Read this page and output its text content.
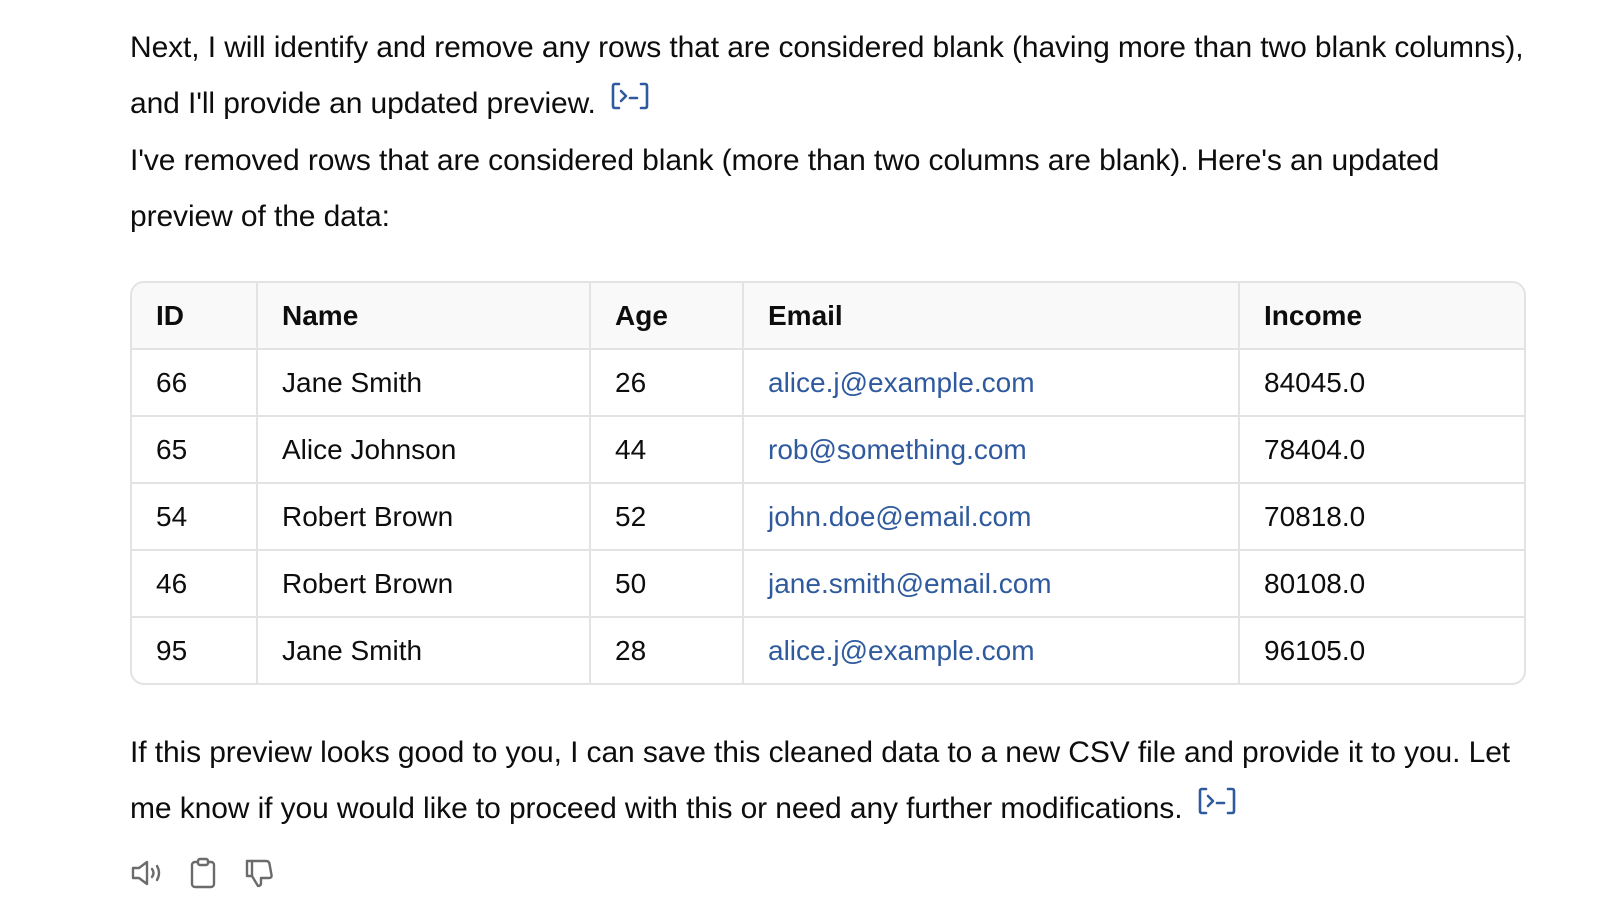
Next, I will identify and remove any rows that are considered blank (having more than two blank columns), and I'll provide an updated preview.

I've removed rows that are considered blank (more than two columns are blank). Here's an updated preview of the data:

ID	Name	Age	Email	Income
66	Jane Smith	26	alice.j@example.com	84045.0
65	Alice Johnson	44	rob@something.com	78404.0
54	Robert Brown	52	john.doe@email.com	70818.0
46	Robert Brown	50	jane.smith@email.com	80108.0
95	Jane Smith	28	alice.j@example.com	96105.0

If this preview looks good to you, I can save this cleaned data to a new CSV file and provide it to you. Let me know if you would like to proceed with this or need any further modifications.
